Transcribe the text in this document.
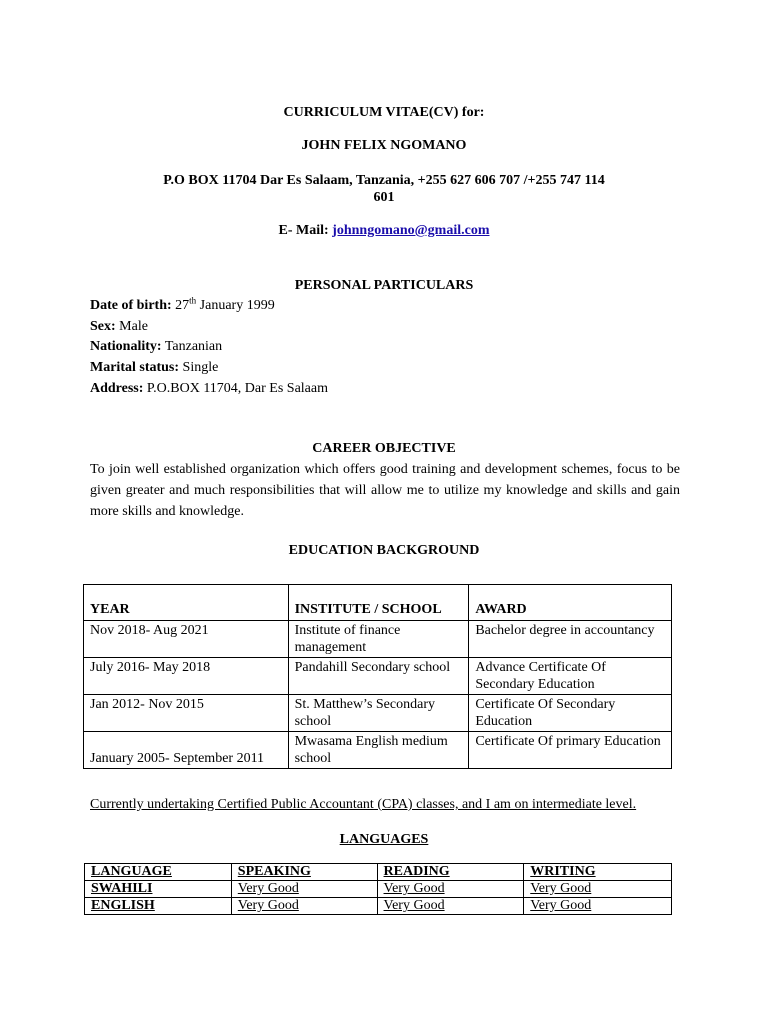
CURRICULUM VITAE(CV) for:
JOHN FELIX NGOMANO
P.O BOX 11704 Dar Es Salaam, Tanzania, +255 627 606 707 /+255 747 114
601
E- Mail: johnngomano@gmail.com
PERSONAL PARTICULARS
Date of birth: 27th January 1999
Sex: Male
Nationality: Tanzanian
Marital status: Single
Address: P.O.BOX 11704, Dar Es Salaam
CAREER OBJECTIVE
To join well established organization which offers good training and development schemes, focus to be given greater and much responsibilities that will allow me to utilize my knowledge and skills and gain more skills and knowledge.
EDUCATION BACKGROUND
YEAR	INSTITUTE / SCHOOL	AWARD
Nov 2018- Aug 2021	Institute of finance management	Bachelor degree in accountancy
July 2016- May 2018	Pandahill Secondary school	Advance Certificate Of Secondary Education
Jan 2012- Nov 2015	St. Matthew’s Secondary school	Certificate Of Secondary Education
January 2005- September 2011	Mwasama English medium school	Certificate Of primary Education
Currently undertaking Certified Public Accountant (CPA) classes, and I am on intermediate level.
LANGUAGES
LANGUAGE	SPEAKING	READING	WRITING
SWAHILI	Very Good	Very Good	Very Good
ENGLISH	Very Good	Very Good	Very Good
